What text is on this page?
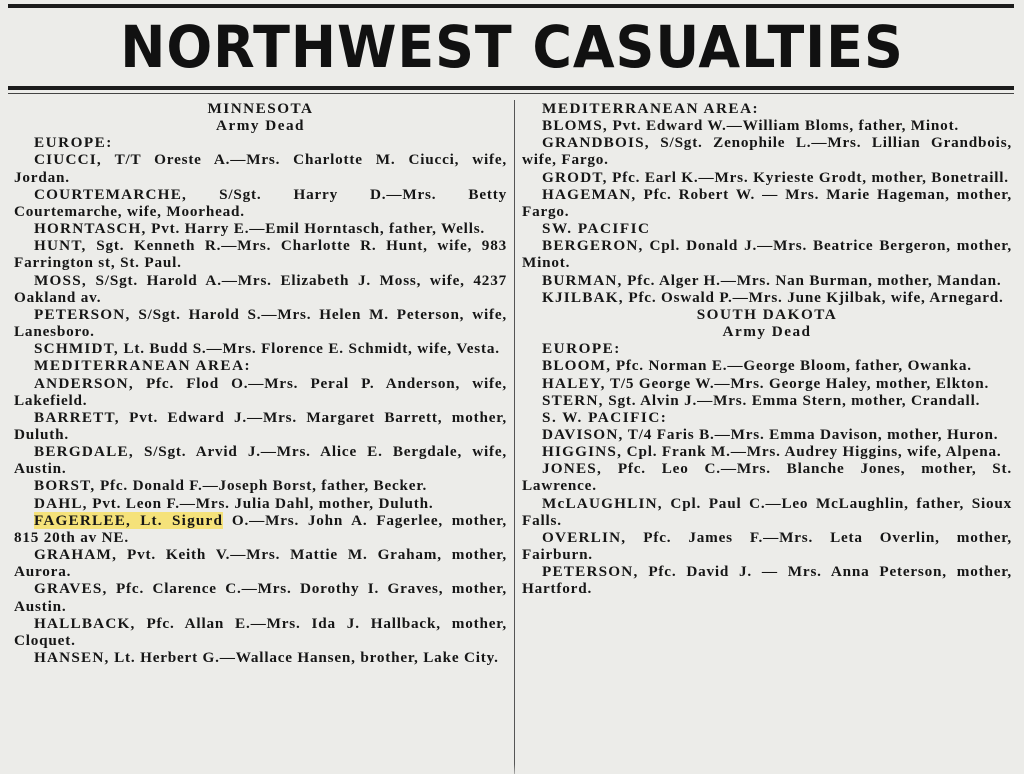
NORTHWEST CASUALTIES
MINNESOTA
Army Dead
EUROPE:
CIUCCI, T/T Oreste A.—Mrs. Charlotte M. Ciucci, wife, Jordan.
COURTEMARCHE, S/Sgt. Harry D.—Mrs. Betty Courtemarche, wife, Moorhead.
HORNTASCH, Pvt. Harry E.—Emil Horntasch, father, Wells.
HUNT, Sgt. Kenneth R.—Mrs. Charlotte R. Hunt, wife, 983 Farrington st, St. Paul.
MOSS, S/Sgt. Harold A.—Mrs. Elizabeth J. Moss, wife, 4237 Oakland av.
PETERSON, S/Sgt. Harold S.—Mrs. Helen M. Peterson, wife, Lanesboro.
SCHMIDT, Lt. Budd S.—Mrs. Florence E. Schmidt, wife, Vesta.
MEDITERRANEAN AREA:
ANDERSON, Pfc. Flod O.—Mrs. Peral P. Anderson, wife, Lakefield.
BARRETT, Pvt. Edward J.—Mrs. Margaret Barrett, mother, Duluth.
BERGDALE, S/Sgt. Arvid J.—Mrs. Alice E. Bergdale, wife, Austin.
BORST, Pfc. Donald F.—Joseph Borst, father, Becker.
DAHL, Pvt. Leon F.—Mrs. Julia Dahl, mother, Duluth.
FAGERLEE, Lt. Sigurd O.—Mrs. John A. Fagerlee, mother, 815 20th av NE.
GRAHAM, Pvt. Keith V.—Mrs. Mattie M. Graham, mother, Aurora.
GRAVES, Pfc. Clarence C.—Mrs. Dorothy I. Graves, mother, Austin.
HALLBACK, Pfc. Allan E.—Mrs. Ida J. Hallback, mother, Cloquet.
HANSEN, Lt. Herbert G.—Wallace Hansen, brother, Lake City.
MEDITERRANEAN AREA:
BLOMS, Pvt. Edward W.—William Bloms, father, Minot.
GRANDBOIS, S/Sgt. Zenophile L.—Mrs. Lillian Grandbois, wife, Fargo.
GRODT, Pfc. Earl K.—Mrs. Kyrieste Grodt, mother, Bonetraill.
HAGEMAN, Pfc. Robert W. — Mrs. Marie Hageman, mother, Fargo.
SW. PACIFIC
BERGERON, Cpl. Donald J.—Mrs. Beatrice Bergeron, mother, Minot.
BURMAN, Pfc. Alger H.—Mrs. Nan Burman, mother, Mandan.
KJILBAK, Pfc. Oswald P.—Mrs. June Kjilbak, wife, Arnegard.
SOUTH DAKOTA
Army Dead
EUROPE:
BLOOM, Pfc. Norman E.—George Bloom, father, Owanka.
HALEY, T/5 George W.—Mrs. George Haley, mother, Elkton.
STERN, Sgt. Alvin J.—Mrs. Emma Stern, mother, Crandall.
S. W. PACIFIC:
DAVISON, T/4 Faris B.—Mrs. Emma Davison, mother, Huron.
HIGGINS, Cpl. Frank M.—Mrs. Audrey Higgins, wife, Alpena.
JONES, Pfc. Leo C.—Mrs. Blanche Jones, mother, St. Lawrence.
McLAUGHLIN, Cpl. Paul C.—Leo McLaughlin, father, Sioux Falls.
OVERLIN, Pfc. James F.—Mrs. Leta Overlin, mother, Fairburn.
PETERSON, Pfc. David J. — Mrs. Anna Peterson, mother, Hartford.
